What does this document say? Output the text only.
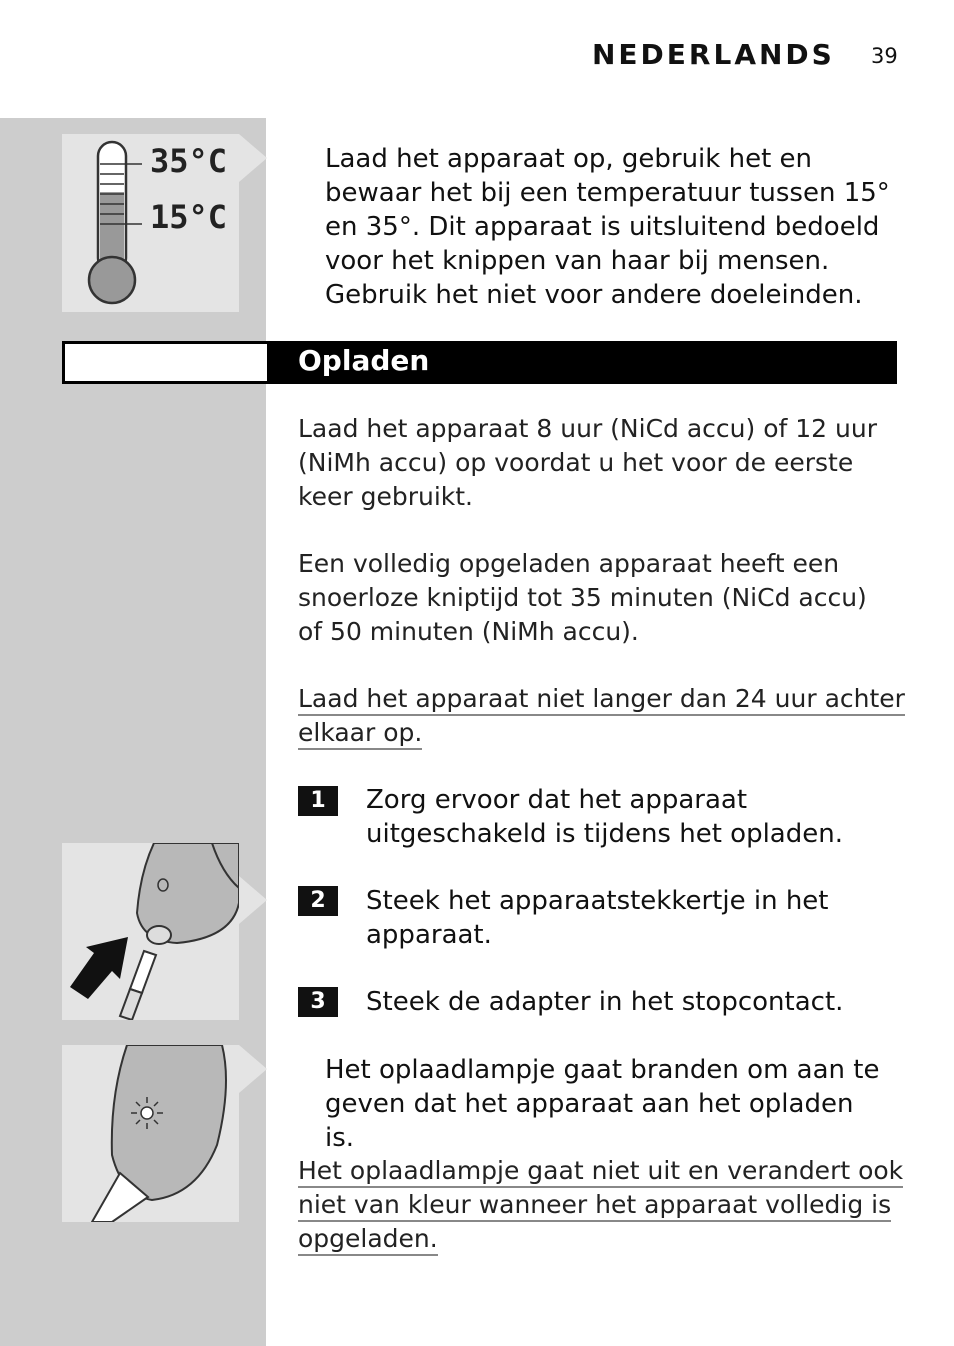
NEDERLANDS 39
35°C
15°C
Laad het apparaat op, gebruik het en bewaar het bij een temperatuur tussen 15° en 35°. Dit apparaat is uitsluitend bedoeld voor het knippen van haar bij mensen. Gebruik het niet voor andere doeleinden.
Opladen
Laad het apparaat 8 uur (NiCd accu) of 12 uur (NiMh accu) op voordat u het voor de eerste keer gebruikt.
Een volledig opgeladen apparaat heeft een snoerloze kniptijd tot 35 minuten (NiCd accu) of 50 minuten (NiMh accu).
Laad het apparaat niet langer dan 24 uur achter
elkaar op.
1	Zorg ervoor dat het apparaat uitgeschakeld is tijdens het opladen.
2	Steek het apparaatstekkertje in het apparaat.
3	Steek de adapter in het stopcontact.
Het oplaadlampje gaat branden om aan te geven dat het apparaat aan het opladen is.
Het oplaadlampje gaat niet uit en verandert ook
niet van kleur wanneer het apparaat volledig is
opgeladen.
